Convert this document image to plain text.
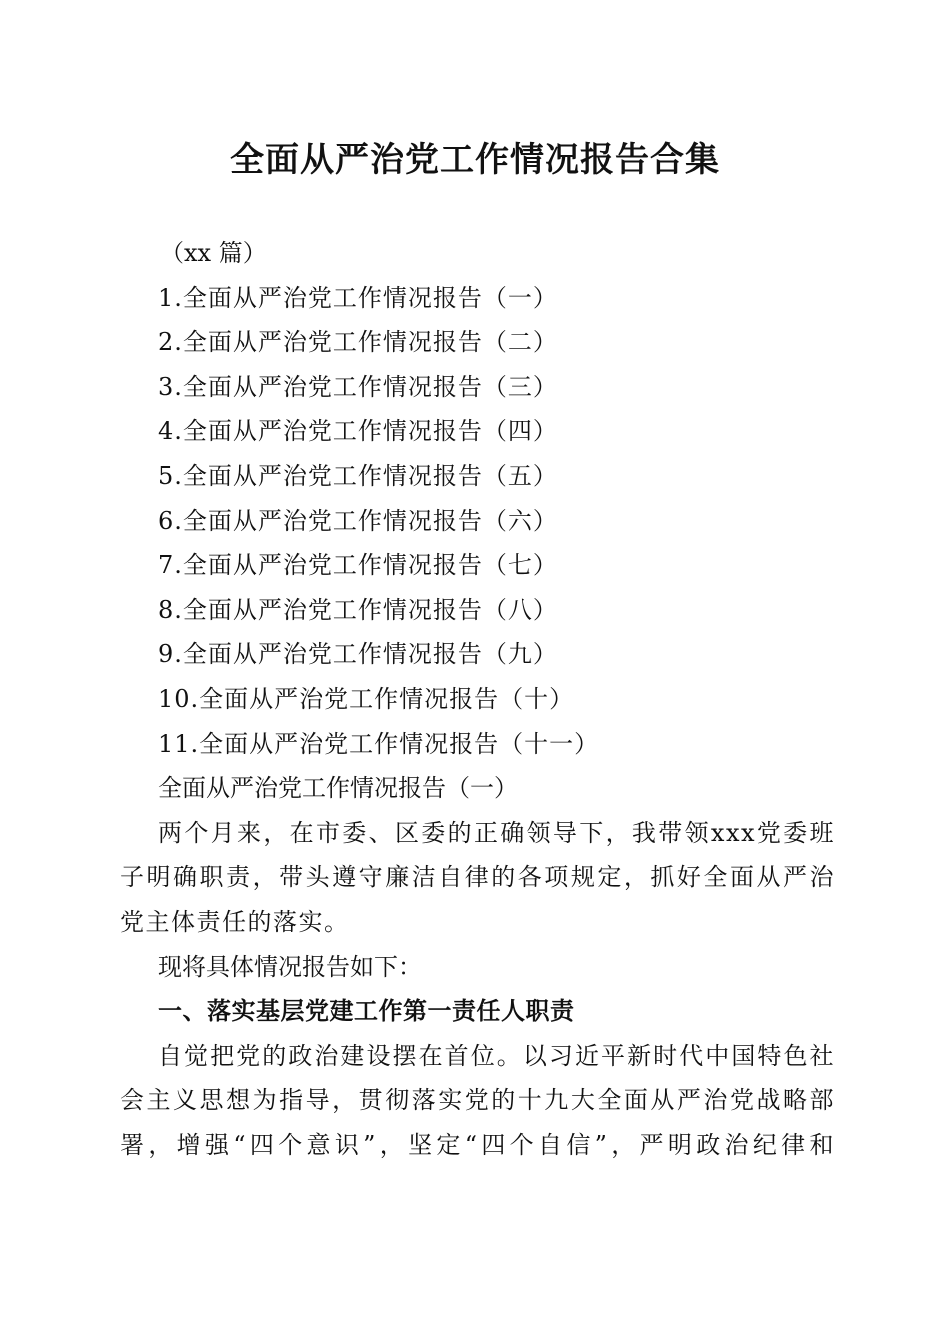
全面从严治党工作情况报告合集
（xx 篇）
1.全面从严治党工作情况报告（一）
2.全面从严治党工作情况报告（二）
3.全面从严治党工作情况报告（三）
4.全面从严治党工作情况报告（四）
5.全面从严治党工作情况报告（五）
6.全面从严治党工作情况报告（六）
7.全面从严治党工作情况报告（七）
8.全面从严治党工作情况报告（八）
9.全面从严治党工作情况报告（九）
10.全面从严治党工作情况报告（十）
11.全面从严治党工作情况报告（十一）
全面从严治党工作情况报告（一）
两个月来，在市委、区委的正确领导下，我带领xxx党委班
子明确职责，带头遵守廉洁自律的各项规定，抓好全面从严治
党主体责任的落实。
现将具体情况报告如下：
一、落实基层党建工作第一责任人职责
自觉把党的政治建设摆在首位。以习近平新时代中国特色社
会主义思想为指导，贯彻落实党的十九大全面从严治党战略部
署，增强“四个意识”，坚定“四个自信”，严明政治纪律和
